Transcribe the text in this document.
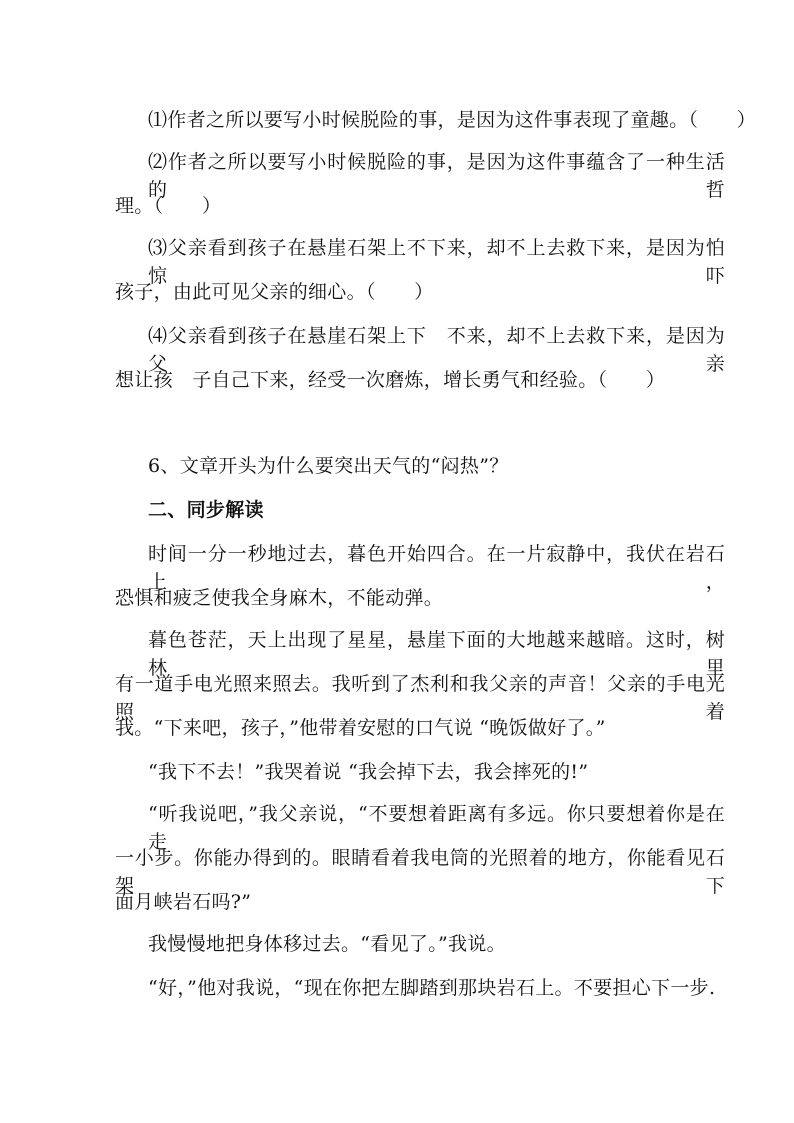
⑴作者之所以要写小时候脱险的事，是因为这件事表现了童趣。（　　）
⑵作者之所以要写小时候脱险的事，是因为这件事蕴含了一种生活的哲
理。（　　）
⑶父亲看到孩子在悬崖石架上不下来，却不上去救下来，是因为怕惊吓
孩子，由此可见父亲的细心。（　　）
⑷父亲看到孩子在悬崖石架上下　不来，却不上去救下来，是因为父亲
想让孩　子自己下来，经受一次磨炼，增长勇气和经验。（　　）
6、文章开头为什么要突出天气的“闷热”？
二、同步解读
时间一分一秒地过去，暮色开始四合。在一片寂静中，我伏在岩石上，
恐惧和疲乏使我全身麻木，不能动弹。
暮色苍茫，天上出现了星星，悬崖下面的大地越来越暗。这时，树林里
有一道手电光照来照去。我听到了杰利和我父亲的声音！父亲的手电光照着
我。“下来吧，孩子，”他带着安慰的口气说 “晚饭做好了。”
“我下不去！”我哭着说 “我会掉下去，我会摔死的!”
“听我说吧，”我父亲说，“不要想着距离有多远。你只要想着你是在走
一小步。你能办得到的。眼睛看着我电筒的光照着的地方，你能看见石架下
面月峡岩石吗?”
我慢慢地把身体移过去。“看见了。”我说。
“好，”他对我说，“现在你把左脚踏到那块岩石上。不要担心下一步.
